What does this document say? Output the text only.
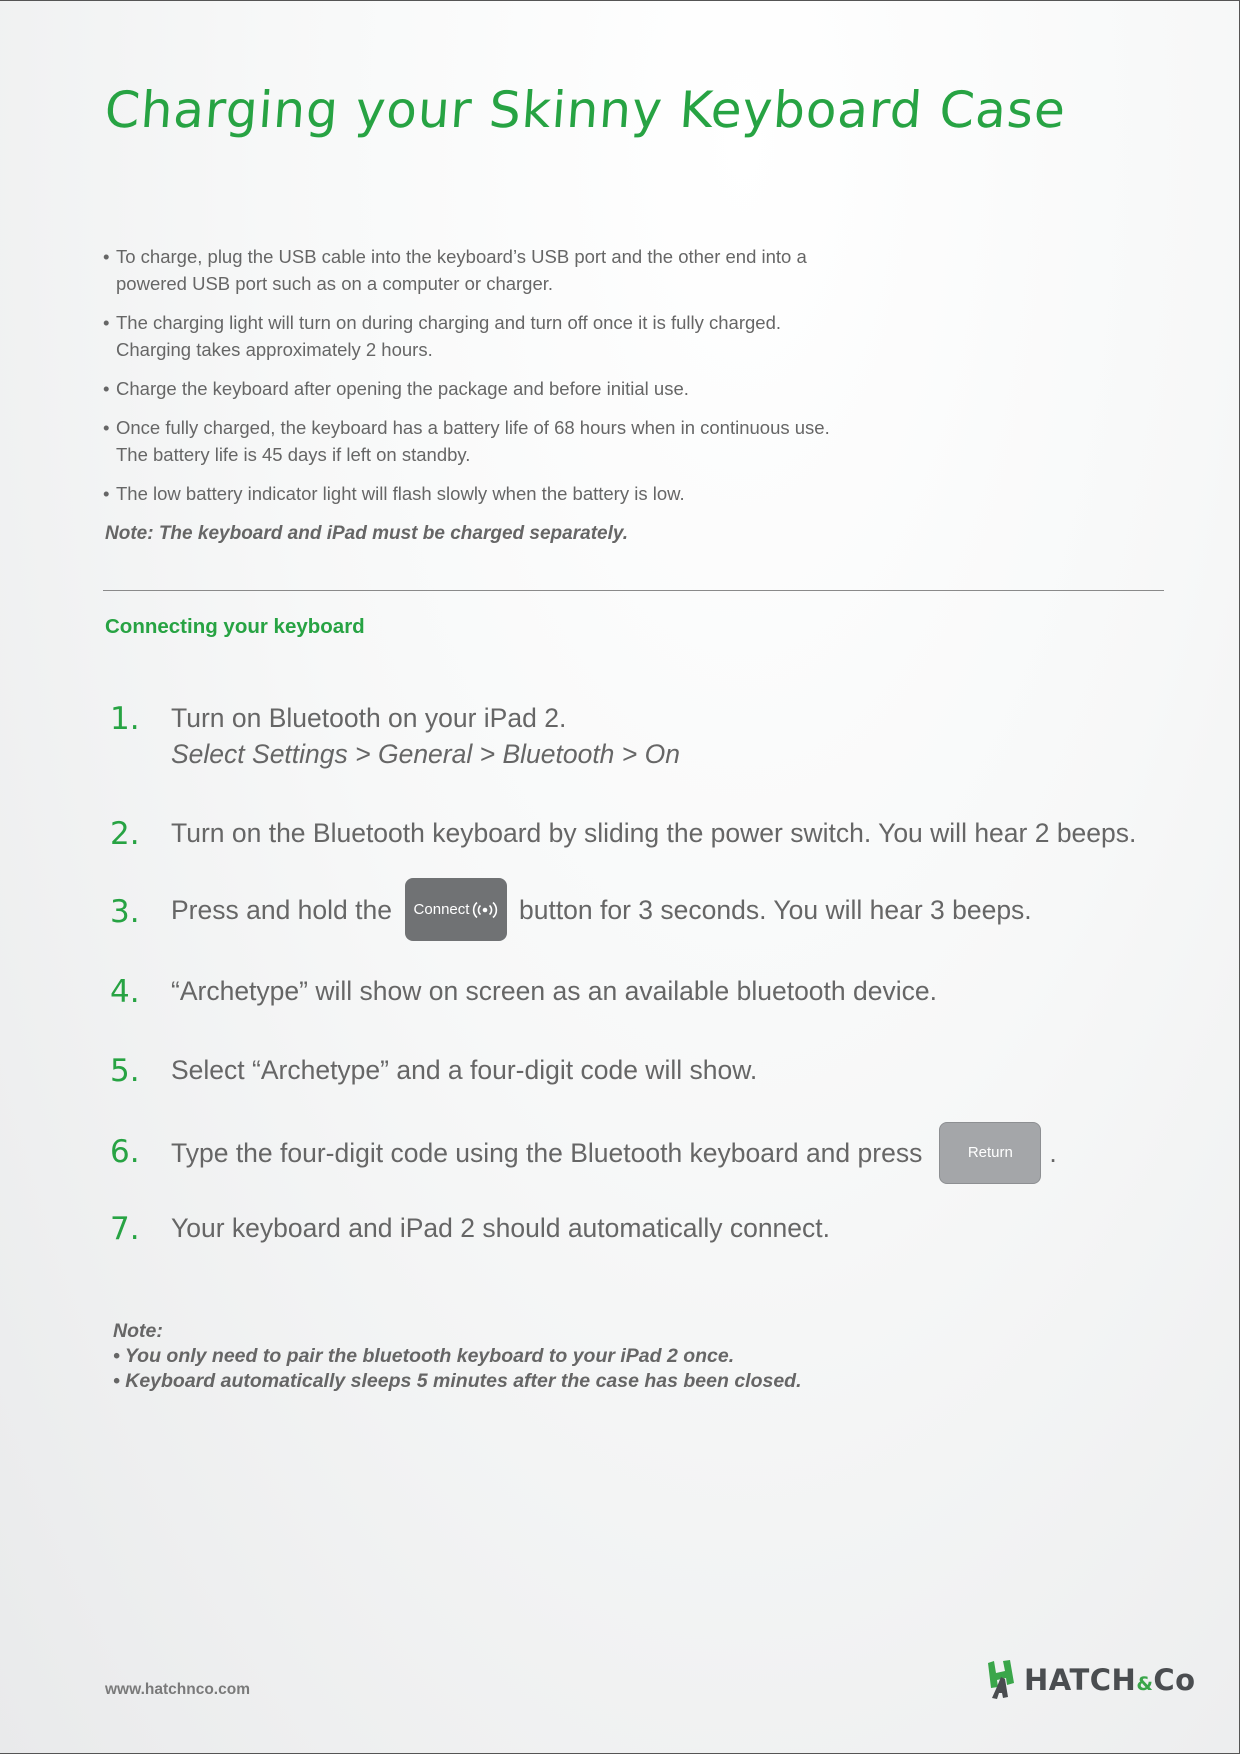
Charging your Skinny Keyboard Case
• To charge, plug the USB cable into the keyboard’s USB port and the other end into a
powered USB port such as on a computer or charger.
• The charging light will turn on during charging and turn off once it is fully charged.
Charging takes approximately 2 hours.
• Charge the keyboard after opening the package and before initial use.
• Once fully charged, the keyboard has a battery life of 68 hours when in continuous use.
The battery life is 45 days if left on standby.
• The low battery indicator light will flash slowly when the battery is low.

Note: The keyboard and iPad must be charged separately.

Connecting your keyboard
1.	Turn on Bluetooth on your iPad 2.
Select Settings > General > Bluetooth > On
2.	Turn on the Bluetooth keyboard by sliding the power switch. You will hear 2 beeps.
3.	Press and hold the Connect button for 3 seconds. You will hear 3 beeps.
4.	“Archetype” will show on screen as an available bluetooth device.
5.	Select “Archetype” and a four-digit code will show.
6.	Type the four-digit code using the Bluetooth keyboard and press	Return	.
7.	Your keyboard and iPad 2 should automatically connect.
Note:
• You only need to pair the bluetooth keyboard to your iPad 2 once.
• Keyboard automatically sleeps 5 minutes after the case has been closed.

www.hatchnco.com	HATCH&Co
